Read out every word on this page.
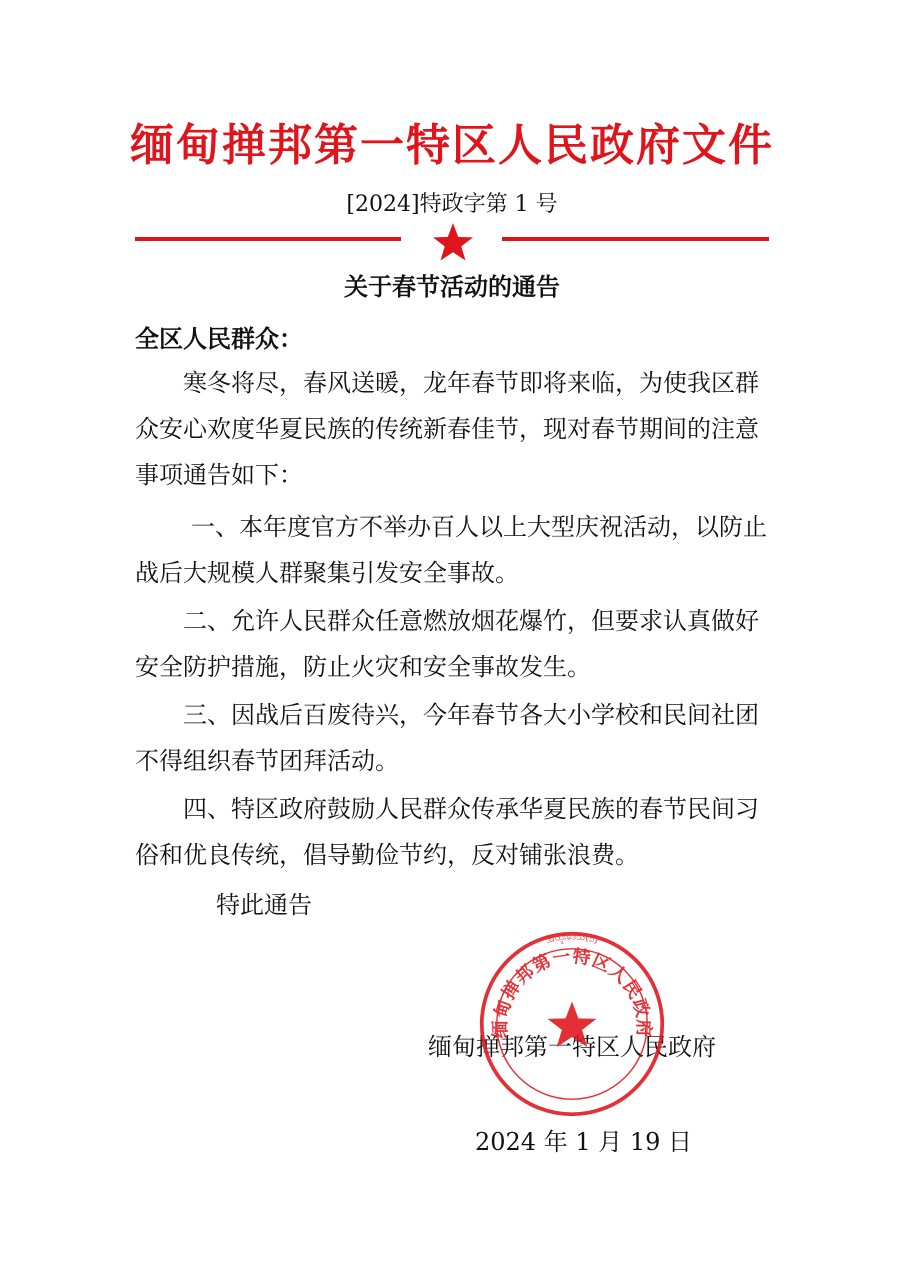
缅甸掸邦第一特区人民政府文件
[2024]特政字第 1 号
关于春节活动的通告
全区人民群众：

寒冬将尽，春风送暖，龙年春节即将来临，为使我区群众安心欢度华夏民族的传统新春佳节，现对春节期间的注意事项通告如下：

一、本年度官方不举办百人以上大型庆祝活动，以防止战后大规模人群聚集引发安全事故。

二、允许人民群众任意燃放烟花爆竹，但要求认真做好安全防护措施，防止火灾和安全事故发生。

三、因战后百废待兴，今年春节各大小学校和民间社团不得组织春节团拜活动。

四、特区政府鼓励人民群众传承华夏民族的春节民间习俗和优良传统，倡导勤俭节约，反对铺张浪费。

特此通告
缅甸掸邦第一特区人民政府
2024 年 1 月 19 日
အထူးဒေသ(၁)
缅甸掸邦第一特区人民政府
